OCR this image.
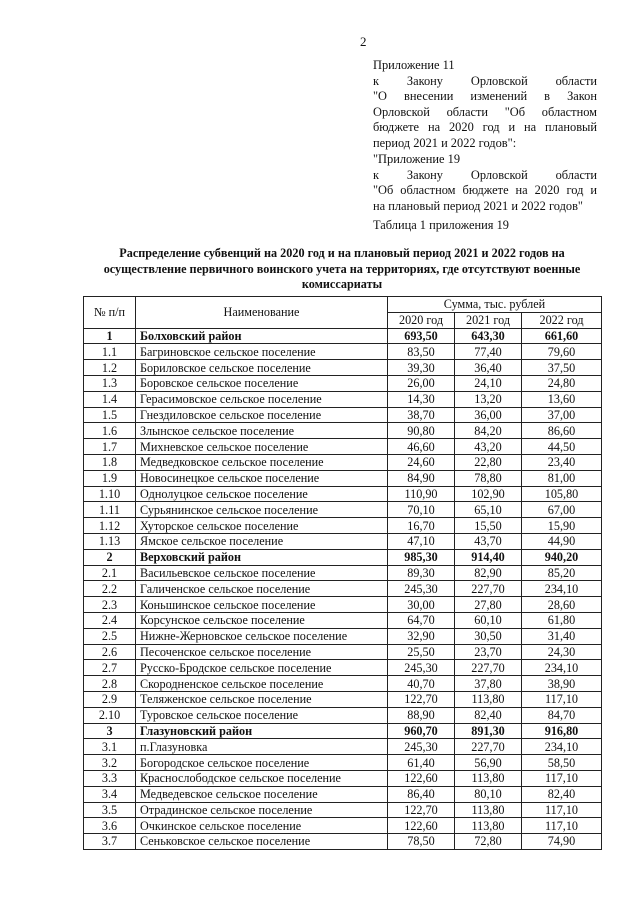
2
Приложение 11
к Закону Орловской области
"О внесении изменений в Закон
Орловской области "Об областном
бюджете на 2020 год и на плановый
период 2021 и 2022 годов":
"Приложение 19
к Закону Орловской области
"Об областном бюджете на 2020 год и
на плановый период 2021 и 2022 годов"
Таблица 1 приложения 19
Распределение субвенций на 2020 год и на плановый период 2021 и 2022 годов на осуществление первичного воинского учета на территориях, где отсутствуют военные комиссариаты
№ п/п	Наименование	Сумма, тыс. рублей		
		2020 год	2021 год	2022 год
1	Болховский район	693,50	643,30	661,60
1.1	Багриновское сельское поселение	83,50	77,40	79,60
1.2	Бориловское сельское поселение	39,30	36,40	37,50
1.3	Боровское сельское поселение	26,00	24,10	24,80
1.4	Герасимовское сельское поселение	14,30	13,20	13,60
1.5	Гнездиловское сельское поселение	38,70	36,00	37,00
1.6	Злынское сельское поселение	90,80	84,20	86,60
1.7	Михневское сельское поселение	46,60	43,20	44,50
1.8	Медведковское сельское поселение	24,60	22,80	23,40
1.9	Новосинецкое сельское поселение	84,90	78,80	81,00
1.10	Однолуцкое сельское поселение	110,90	102,90	105,80
1.11	Сурьянинское сельское поселение	70,10	65,10	67,00
1.12	Хуторское сельское поселение	16,70	15,50	15,90
1.13	Ямское сельское поселение	47,10	43,70	44,90
2	Верховский район	985,30	914,40	940,20
2.1	Васильевское сельское поселение	89,30	82,90	85,20
2.2	Галиченское сельское поселение	245,30	227,70	234,10
2.3	Коньшинское сельское поселение	30,00	27,80	28,60
2.4	Корсунское сельское поселение	64,70	60,10	61,80
2.5	Нижне-Жерновское сельское поселение	32,90	30,50	31,40
2.6	Песоченское сельское поселение	25,50	23,70	24,30
2.7	Русско-Бродское сельское поселение	245,30	227,70	234,10
2.8	Скородненское сельское поселение	40,70	37,80	38,90
2.9	Теляженское сельское поселение	122,70	113,80	117,10
2.10	Туровское сельское поселение	88,90	82,40	84,70
3	Глазуновский район	960,70	891,30	916,80
3.1	п.Глазуновка	245,30	227,70	234,10
3.2	Богородское сельское поселение	61,40	56,90	58,50
3.3	Краснослободское сельское поселение	122,60	113,80	117,10
3.4	Медведевское сельское поселение	86,40	80,10	82,40
3.5	Отрадинское сельское поселение	122,70	113,80	117,10
3.6	Очкинское сельское поселение	122,60	113,80	117,10
3.7	Сеньковское сельское поселение	78,50	72,80	74,90
